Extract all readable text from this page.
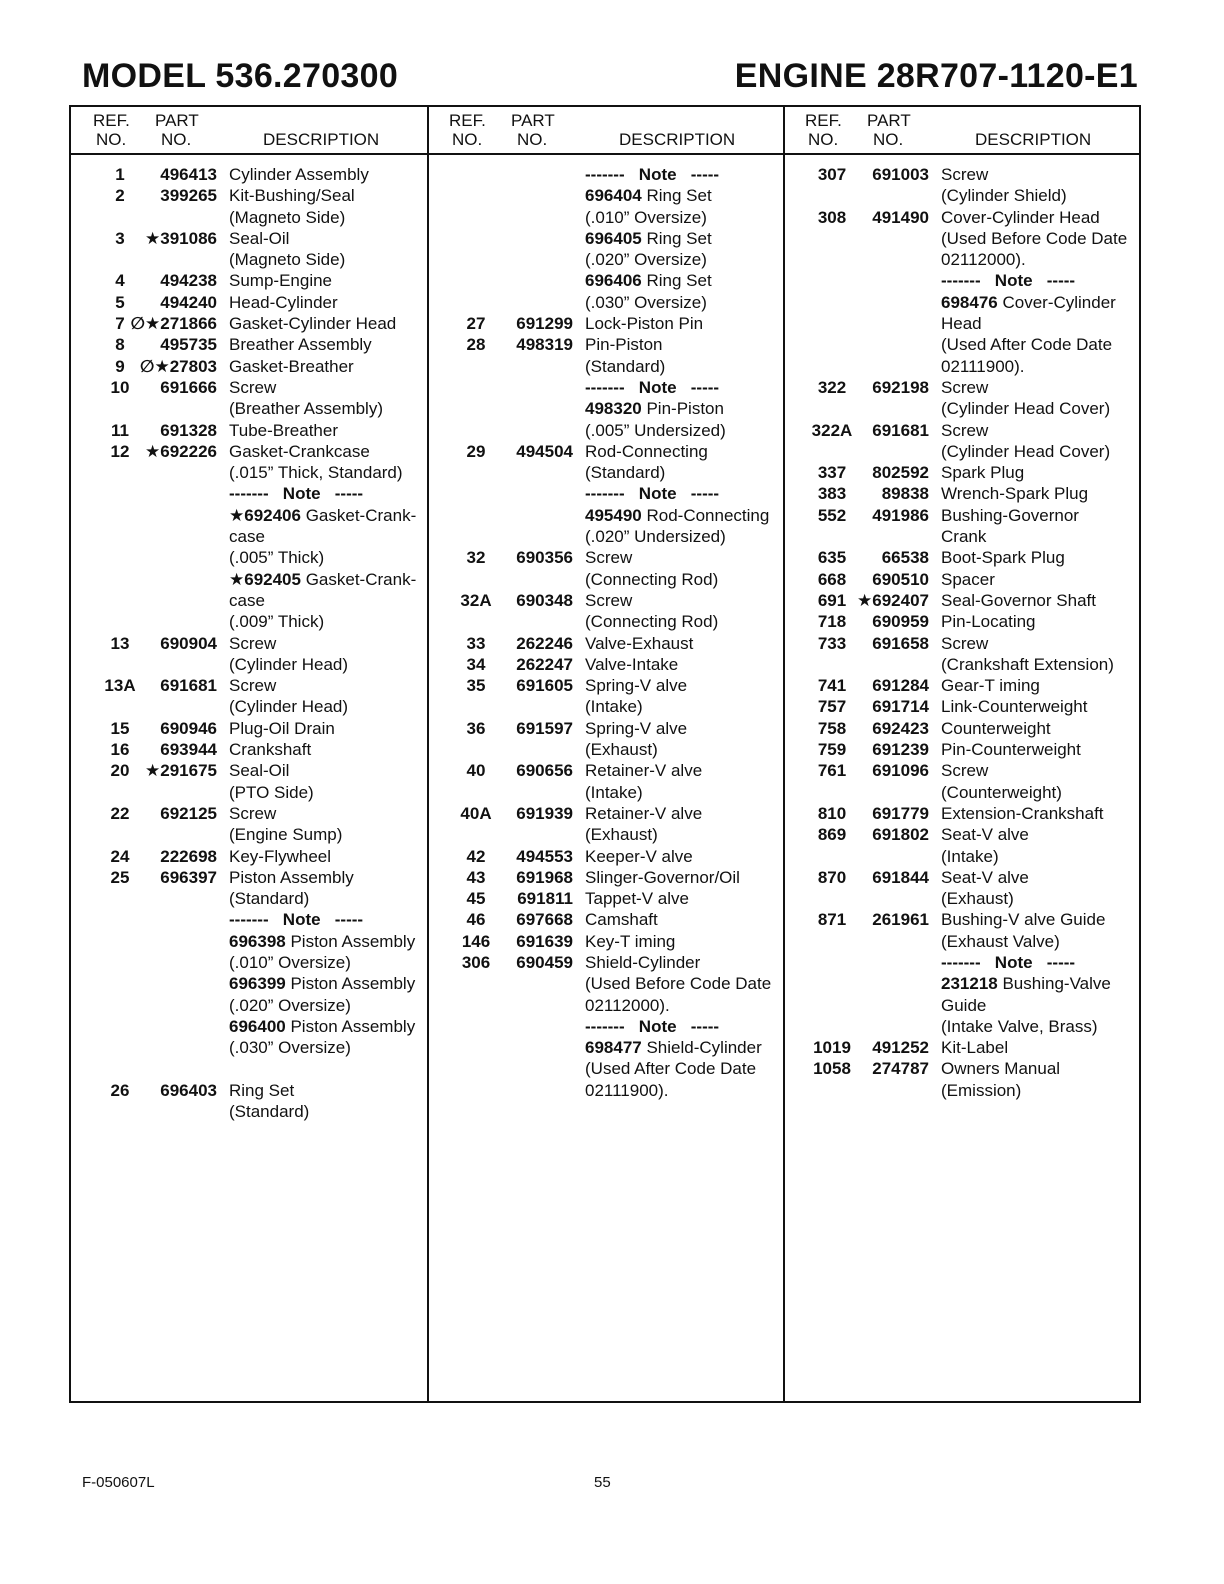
MODEL 536.270300	ENGINE 28R707-1120-E1
REF.
NO.
PART
NO.	DESCRIPTION
REF.
NO.
PART
NO.	DESCRIPTION
REF.
NO.
PART
NO.	DESCRIPTION
1	496413 Cylinder Assembly
2	399265 Kit-Bushing/Seal
(Magneto Side)
3	★391086 Seal-Oil
(Magneto Side)
4	494238 Sump-Engine
5	494240 Head-Cylinder
7 ∅★271866 Gasket-Cylinder Head
8	495735 Breather Assembly
9 ∅★27803 Gasket-Breather
10	691666 Screw
(Breather Assembly)
11	691328 Tube-Breather
12 ★692226 Gasket-Crankcase
(.015” Thick, Standard)
-------   Note   -----
★692406 Gasket-Crank-
case
(.005” Thick)
★692405 Gasket-Crank-
case
(.009” Thick)
13	690904 Screw
(Cylinder Head)
13A	691681 Screw
(Cylinder Head)
15	690946 Plug-Oil Drain
16	693944 Crankshaft
20 ★291675 Seal-Oil
(PTO Side)
22	692125 Screw
(Engine Sump)
24	222698 Key-Flywheel
25	696397 Piston Assembly
(Standard)
-------   Note   -----
696398 Piston Assembly
(.010” Oversize)
696399 Piston Assembly
(.020” Oversize)
696400 Piston Assembly
(.030” Oversize)
26	696403 Ring Set
(Standard)
-------   Note   -----
696404 Ring Set
(.010” Oversize)
696405 Ring Set
(.020” Oversize)
696406 Ring Set
(.030” Oversize)
27	691299 Lock-Piston Pin
28	498319 Pin-Piston
(Standard)
-------   Note   -----
498320 Pin-Piston
(.005” Undersized)
29	494504 Rod-Connecting
(Standard)
-------   Note   -----
495490 Rod-Connecting
(.020” Undersized)
32	690356 Screw
(Connecting Rod)
32A	690348 Screw
(Connecting Rod)
33	262246 Valve-Exhaust
34	262247 Valve-Intake
35	691605 Spring-V alve
(Intake)
36	691597 Spring-V alve
(Exhaust)
40	690656 Retainer-V alve
(Intake)
40A	691939 Retainer-V alve
(Exhaust)
42	494553 Keeper-V alve
43	691968 Slinger-Governor/Oil
45	691811 Tappet-V alve
46	697668 Camshaft
146	691639 Key-T iming
306	690459 Shield-Cylinder
(Used Before Code Date
02112000).
-------   Note   -----
698477 Shield-Cylinder
(Used After Code Date
02111900).
307	691003 Screw
(Cylinder Shield)
308	491490 Cover-Cylinder Head
(Used Before Code Date
02112000).
-------   Note   -----
698476 Cover-Cylinder
Head
(Used After Code Date
02111900).
322	692198 Screw
(Cylinder Head Cover)
322A	691681 Screw
(Cylinder Head Cover)
337	802592 Spark Plug
383	89838 Wrench-Spark Plug
552	491986 Bushing-Governor
Crank
635	66538 Boot-Spark Plug
668	690510 Spacer
691 ★692407 Seal-Governor Shaft
718	690959 Pin-Locating
733	691658 Screw
(Crankshaft Extension)
741	691284 Gear-T iming
757	691714 Link-Counterweight
758	692423 Counterweight
759	691239 Pin-Counterweight
761	691096 Screw
(Counterweight)
810	691779 Extension-Crankshaft
869	691802 Seat-V alve
(Intake)
870	691844 Seat-V alve
(Exhaust)
871	261961 Bushing-V alve Guide
(Exhaust Valve)
-------   Note   -----
231218 Bushing-Valve
Guide
(Intake Valve, Brass)
1019	491252 Kit-Label
1058	274787 Owners Manual
(Emission)
F-050607L	55
